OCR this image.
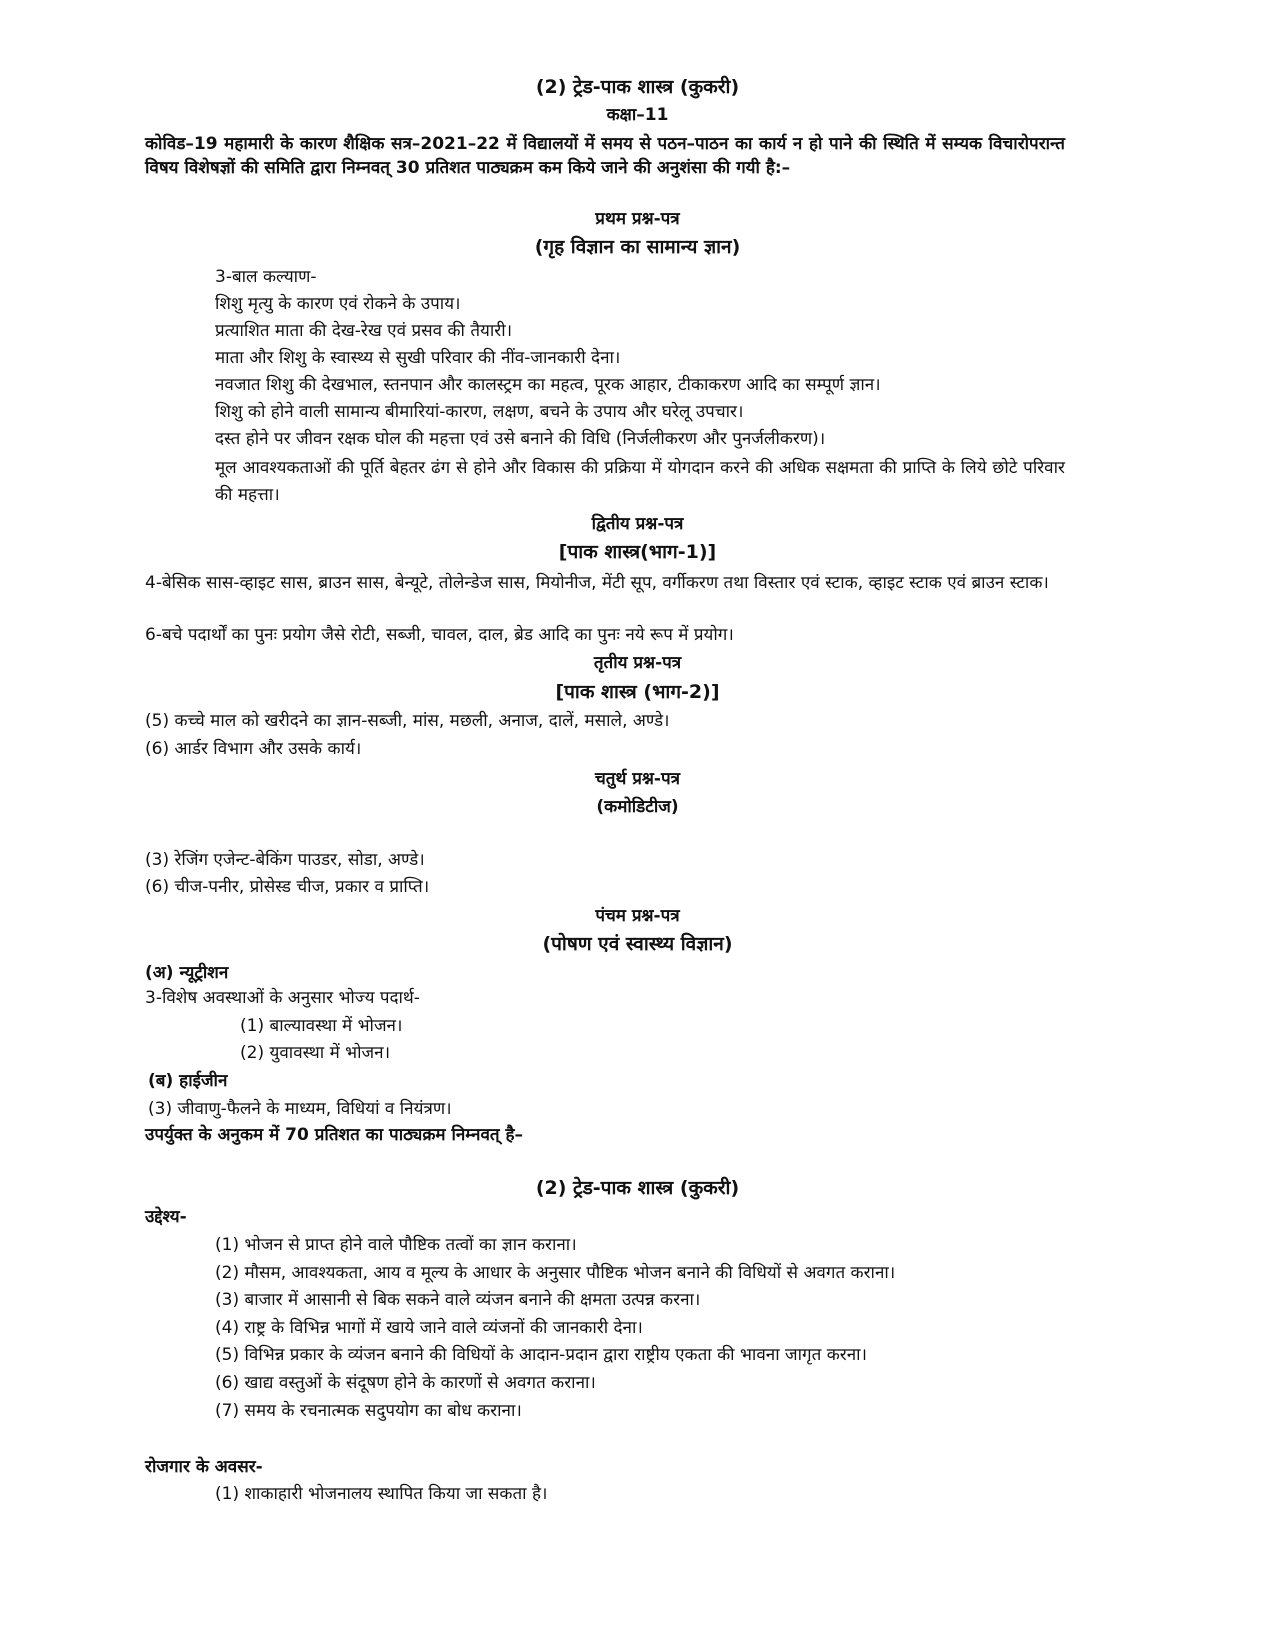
(2) ट्रेड-पाक शास्त्र (कुकरी)
कक्षा–11
कोविड–19 महामारी के कारण शैक्षिक सत्र–2021–22 में विद्यालयों में समय से पठन–पाठन का कार्य न हो पाने की स्थिति में सम्यक विचारोपरान्त विषय विशेषज्ञों की समिति द्वारा निम्नवत् 30 प्रतिशत पाठ्यक्रम कम किये जाने की अनुशंसा की गयी है:–
प्रथम प्रश्न-पत्र
(गृह विज्ञान का सामान्य ज्ञान)
3-बाल कल्याण-
शिशु मृत्यु के कारण एवं रोकने के उपाय।
प्रत्याशित माता की देख-रेख एवं प्रसव की तैयारी।
माता और शिशु के स्वास्थ्य से सुखी परिवार की नींव-जानकारी देना।
नवजात शिशु की देखभाल, स्तनपान और कालस्ट्रम का महत्व, पूरक आहार, टीकाकरण आदि का सम्पूर्ण ज्ञान।
शिशु को होने वाली सामान्य बीमारियां-कारण, लक्षण, बचने के उपाय और घरेलू उपचार।
दस्त होने पर जीवन रक्षक घोल की महत्ता एवं उसे बनाने की विधि (निर्जलीकरण और पुनर्जलीकरण)।
मूल आवश्यकताओं की पूर्ति बेहतर ढंग से होने और विकास की प्रक्रिया में योगदान करने की अधिक सक्षमता की प्राप्ति के लिये छोटे परिवार की महत्ता।
द्वितीय प्रश्न-पत्र
[पाक शास्त्र(भाग-1)]
4-बेसिक सास-व्हाइट सास, ब्राउन सास, बेन्यूटे, तोलेन्डेज सास, मियोनीज, मेंटी सूप, वर्गीकरण तथा विस्तार एवं स्टाक, व्हाइट स्टाक एवं ब्राउन स्टाक।
6-बचे पदार्थों का पुनः प्रयोग जैसे रोटी, सब्जी, चावल, दाल, ब्रेड आदि का पुनः नये रूप में प्रयोग।
तृतीय प्रश्न-पत्र
[पाक शास्त्र (भाग-2)]
(5) कच्चे माल को खरीदने का ज्ञान-सब्जी, मांस, मछली, अनाज, दालें, मसाले, अण्डे।
(6) आर्डर विभाग और उसके कार्य।
चतुर्थ प्रश्न-पत्र
(कमोडिटीज)
(3) रेजिंग एजेन्ट-बेकिंग पाउडर, सोडा, अण्डे।
(6) चीज-पनीर, प्रोसेस्ड चीज, प्रकार व प्राप्ति।
पंचम प्रश्न-पत्र
(पोषण एवं स्वास्थ्य विज्ञान)
(अ) न्यूट्रीशन
3-विशेष अवस्थाओं के अनुसार भोज्य पदार्थ-
(1) बाल्यावस्था में भोजन।
(2) युवावस्था में भोजन।
(ब) हाईजीन
(3) जीवाणु-फैलने के माध्यम, विधियां व नियंत्रण।
उपर्युक्त के अनुकम में 70 प्रतिशत का पाठ्यक्रम निम्नवत् है–
(2) ट्रेड-पाक शास्त्र (कुकरी)
उद्देश्य-
(1) भोजन से प्राप्त होने वाले पौष्टिक तत्वों का ज्ञान कराना।
(2) मौसम, आवश्यकता, आय व मूल्य के आधार के अनुसार पौष्टिक भोजन बनाने की विधियों से अवगत कराना।
(3) बाजार में आसानी से बिक सकने वाले व्यंजन बनाने की क्षमता उत्पन्न करना।
(4) राष्ट्र के विभिन्न भागों में खाये जाने वाले व्यंजनों की जानकारी देना।
(5) विभिन्न प्रकार के व्यंजन बनाने की विधियों के आदान-प्रदान द्वारा राष्ट्रीय एकता की भावना जागृत करना।
(6) खाद्य वस्तुओं के संदूषण होने के कारणों से अवगत कराना।
(7) समय के रचनात्मक सदुपयोग का बोध कराना।
रोजगार के अवसर-
(1) शाकाहारी भोजनालय स्थापित किया जा सकता है।
